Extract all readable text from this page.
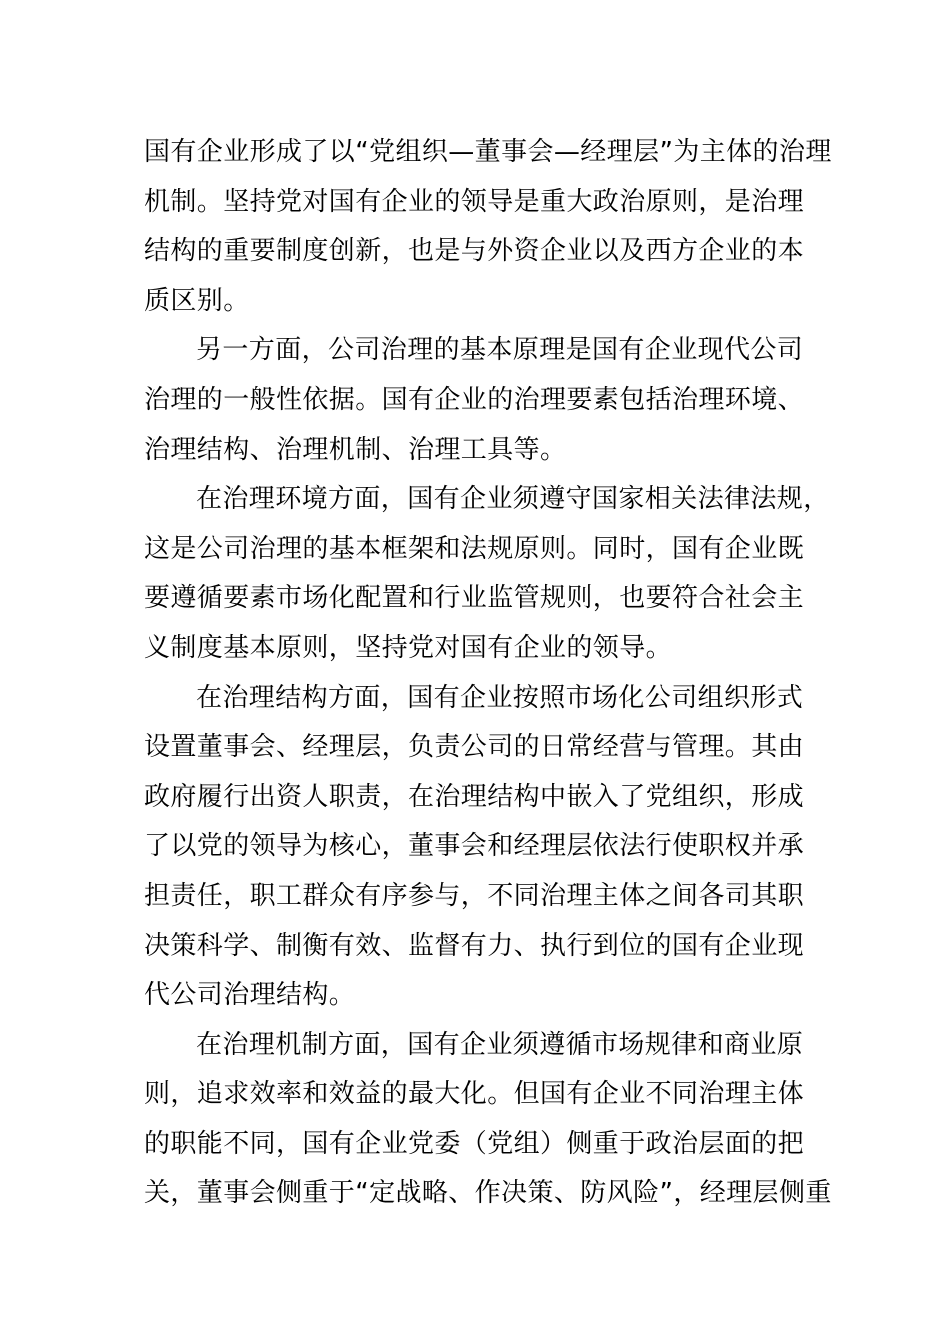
国有企业形成了以“党组织—董事会—经理层”为主体的治理
机制。坚持党对国有企业的领导是重大政治原则，是治理
结构的重要制度创新，也是与外资企业以及西方企业的本
质区别。
另一方面，公司治理的基本原理是国有企业现代公司
治理的一般性依据。国有企业的治理要素包括治理环境、
治理结构、治理机制、治理工具等。
在治理环境方面，国有企业须遵守国家相关法律法规，
这是公司治理的基本框架和法规原则。同时，国有企业既
要遵循要素市场化配置和行业监管规则，也要符合社会主
义制度基本原则，坚持党对国有企业的领导。
在治理结构方面，国有企业按照市场化公司组织形式
设置董事会、经理层，负责公司的日常经营与管理。其由
政府履行出资人职责，在治理结构中嵌入了党组织，形成
了以党的领导为核心，董事会和经理层依法行使职权并承
担责任，职工群众有序参与，不同治理主体之间各司其职
决策科学、制衡有效、监督有力、执行到位的国有企业现
代公司治理结构。
在治理机制方面，国有企业须遵循市场规律和商业原
则，追求效率和效益的最大化。但国有企业不同治理主体
的职能不同，国有企业党委（党组）侧重于政治层面的把
关，董事会侧重于“定战略、作决策、防风险”，经理层侧重
